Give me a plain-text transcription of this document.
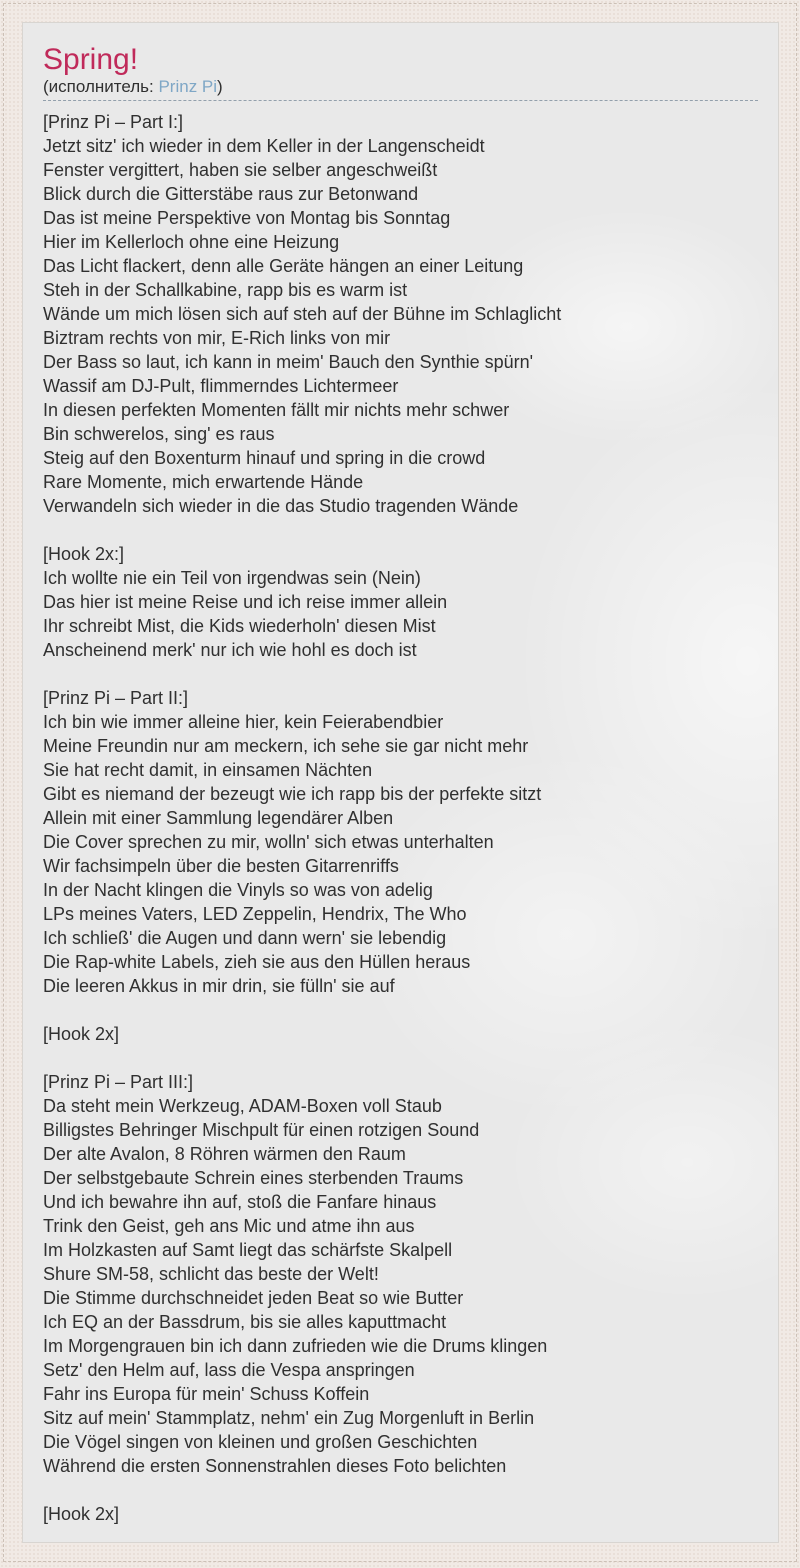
Spring!
(исполнитель: Prinz Pi)
[Prinz Pi – Part I:]
Jetzt sitz' ich wieder in dem Keller in der Langenscheidt
Fenster vergittert, haben sie selber angeschweißt
Blick durch die Gitterstäbe raus zur Betonwand
Das ist meine Perspektive von Montag bis Sonntag
Hier im Kellerloch ohne eine Heizung
Das Licht flackert, denn alle Geräte hängen an einer Leitung
Steh in der Schallkabine, rapp bis es warm ist
Wände um mich lösen sich auf steh auf der Bühne im Schlaglicht
Biztram rechts von mir, E-Rich links von mir
Der Bass so laut, ich kann in meim' Bauch den Synthie spürn'
Wassif am DJ-Pult, flimmerndes Lichtermeer
In diesen perfekten Momenten fällt mir nichts mehr schwer
Bin schwerelos, sing' es raus
Steig auf den Boxenturm hinauf und spring in die crowd
Rare Momente, mich erwartende Hände
Verwandeln sich wieder in die das Studio tragenden Wände
[Hook 2x:]
Ich wollte nie ein Teil von irgendwas sein (Nein)
Das hier ist meine Reise und ich reise immer allein
Ihr schreibt Mist, die Kids wiederholn' diesen Mist
Anscheinend merk' nur ich wie hohl es doch ist
[Prinz Pi – Part II:]
Ich bin wie immer alleine hier, kein Feierabendbier
Meine Freundin nur am meckern, ich sehe sie gar nicht mehr
Sie hat recht damit, in einsamen Nächten
Gibt es niemand der bezeugt wie ich rapp bis der perfekte sitzt
Allein mit einer Sammlung legendärer Alben
Die Cover sprechen zu mir, wolln' sich etwas unterhalten
Wir fachsimpeln über die besten Gitarrenriffs
In der Nacht klingen die Vinyls so was von adelig
LPs meines Vaters, LED Zeppelin, Hendrix, The Who
Ich schließ' die Augen und dann wern' sie lebendig
Die Rap-white Labels, zieh sie aus den Hüllen heraus
Die leeren Akkus in mir drin, sie fülln' sie auf
[Hook 2x]
[Prinz Pi – Part III:]
Da steht mein Werkzeug, ADAM-Boxen voll Staub
Billigstes Behringer Mischpult für einen rotzigen Sound
Der alte Avalon, 8 Röhren wärmen den Raum
Der selbstgebaute Schrein eines sterbenden Traums
Und ich bewahre ihn auf, stoß die Fanfare hinaus
Trink den Geist, geh ans Mic und atme ihn aus
Im Holzkasten auf Samt liegt das schärfste Skalpell
Shure SM-58, schlicht das beste der Welt!
Die Stimme durchschneidet jeden Beat so wie Butter
Ich EQ an der Bassdrum, bis sie alles kaputtmacht
Im Morgengrauen bin ich dann zufrieden wie die Drums klingen
Setz' den Helm auf, lass die Vespa anspringen
Fahr ins Europa für mein' Schuss Koffein
Sitz auf mein' Stammplatz, nehm' ein Zug Morgenluft in Berlin
Die Vögel singen von kleinen und großen Geschichten
Während die ersten Sonnenstrahlen dieses Foto belichten
[Hook 2x]
